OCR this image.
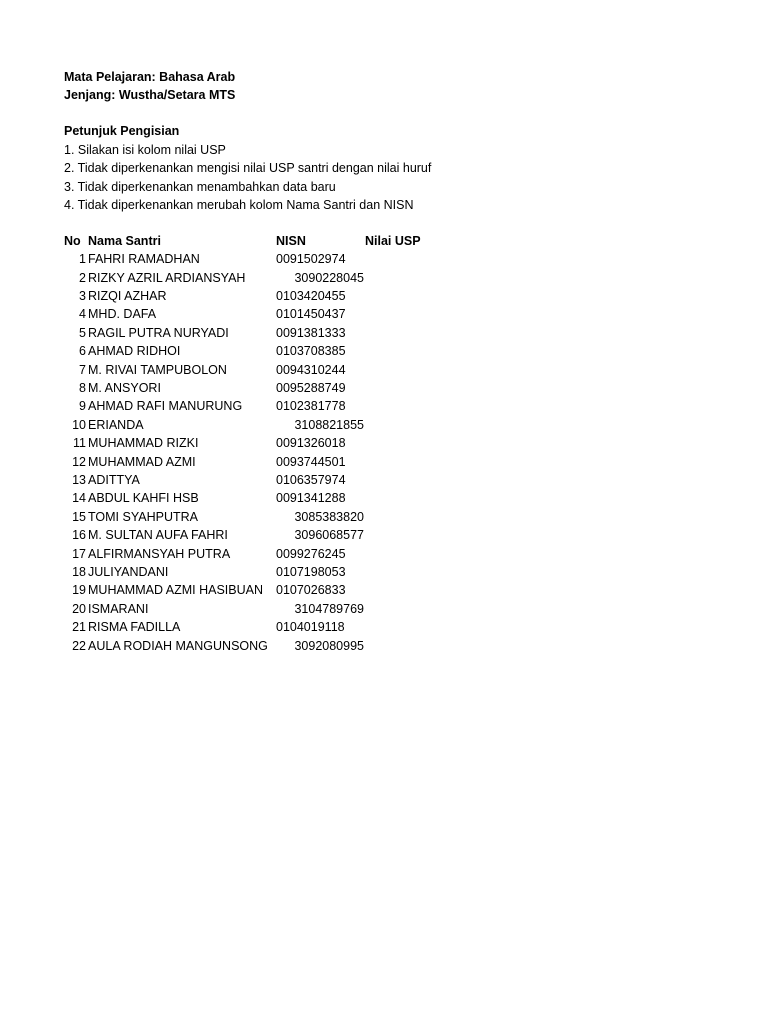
Mata Pelajaran: Bahasa Arab
Jenjang: Wustha/Setara MTS
Petunjuk Pengisian
1. Silakan isi kolom nilai USP
2. Tidak diperkenankan mengisi nilai USP santri dengan nilai huruf
3. Tidak diperkenankan menambahkan data baru
4. Tidak diperkenankan merubah kolom Nama Santri dan NISN
No Nama Santri	NISN	Nilai USP
1 FAHRI RAMADHAN	0091502974
2 RIZKY AZRIL ARDIANSYAH	3090228045
3 RIZQI AZHAR	0103420455
4 MHD. DAFA	0101450437
5 RAGIL PUTRA NURYADI	0091381333
6 AHMAD RIDHOI	0103708385
7 M. RIVAI TAMPUBOLON	0094310244
8 M. ANSYORI	0095288749
9 AHMAD RAFI MANURUNG	0102381778
10 ERIANDA	3108821855
11 MUHAMMAD RIZKI	0091326018
12 MUHAMMAD AZMI	0093744501
13 ADITTYA	0106357974
14 ABDUL KAHFI HSB	0091341288
15 TOMI SYAHPUTRA	3085383820
16 M. SULTAN AUFA FAHRI	3096068577
17 ALFIRMANSYAH PUTRA	0099276245
18 JULIYANDANI	0107198053
19 MUHAMMAD AZMI HASIBUAN 0107026833
20 ISMARANI	3104789769
21 RISMA FADILLA	0104019118
22 AULA RODIAH MANGUNSONG	3092080995
